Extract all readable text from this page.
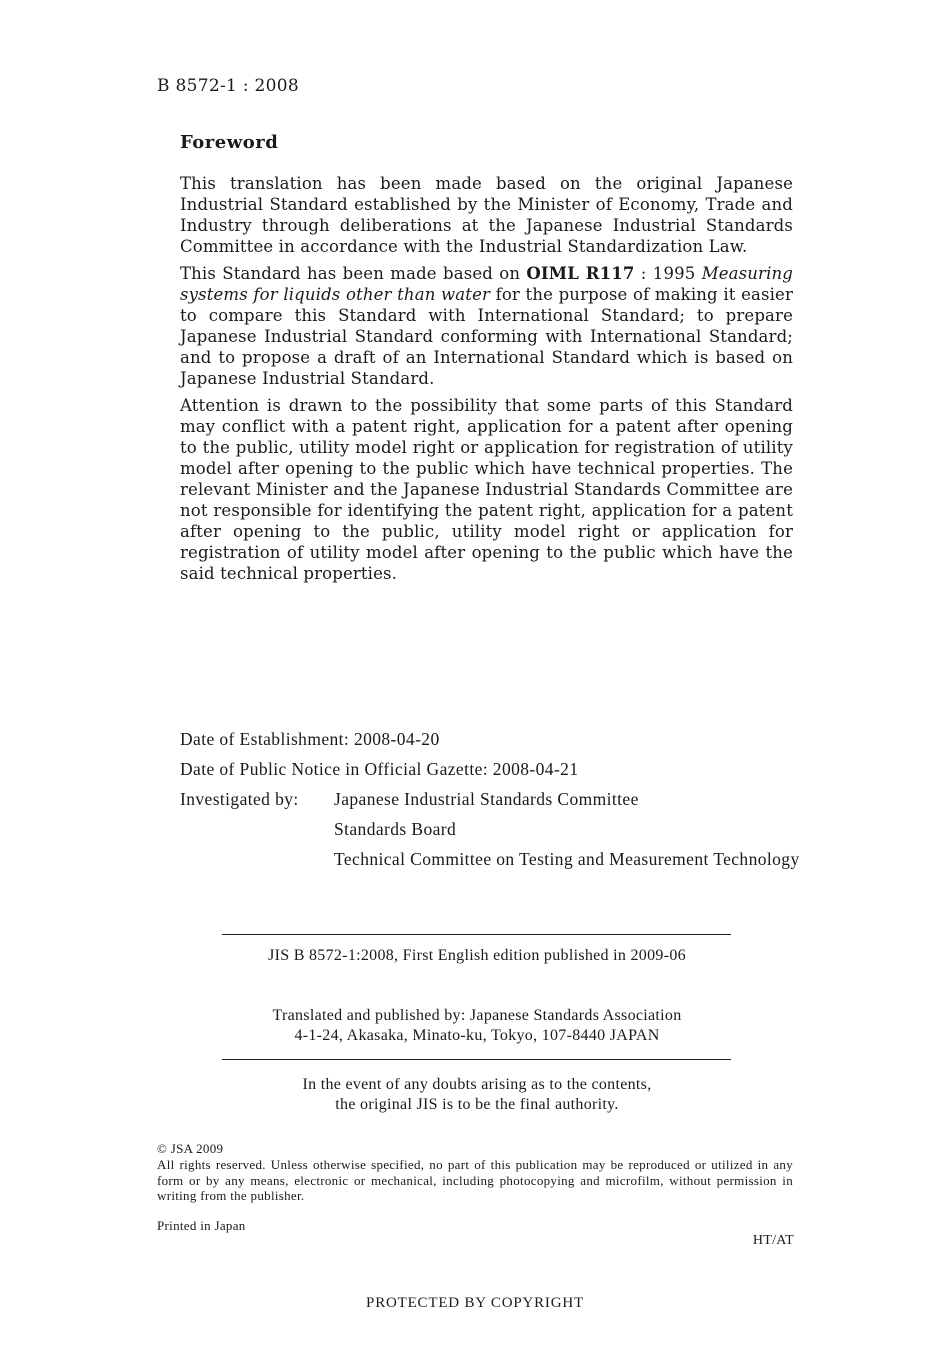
B 8572-1 : 2008
Foreword

This translation has been made based on the original Japanese Industrial Standard established by the Minister of Economy, Trade and Industry through deliberations at the Japanese Industrial Standards Committee in accordance with the Industrial Standardization Law.

This Standard has been made based on OIML R117 : 1995 Measuring systems for liquids other than water for the purpose of making it easier to compare this Standard with International Standard; to prepare Japanese Industrial Standard conforming with International Standard; and to propose a draft of an International Standard which is based on Japanese Industrial Standard.

Attention is drawn to the possibility that some parts of this Standard may conflict with a patent right, application for a patent after opening to the public, utility model right or application for registration of utility model after opening to the public which have technical properties. The relevant Minister and the Japanese Industrial Standards Committee are not responsible for identifying the patent right, application for a patent after opening to the public, utility model right or application for registration of utility model after opening to the public which have the said technical properties.

Date of Establishment: 2008-04-20
Date of Public Notice in Official Gazette: 2008-04-21
Investigated by: Japanese Industrial Standards Committee
Standards Board
Technical Committee on Testing and Measurement Technology
JIS B 8572-1:2008, First English edition published in 2009-06
Translated and published by: Japanese Standards Association
4-1-24, Akasaka, Minato-ku, Tokyo, 107-8440 JAPAN
In the event of any doubts arising as to the contents,
the original JIS is to be the final authority.
© JSA 2009
All rights reserved. Unless otherwise specified, no part of this publication may be reproduced or utilized in any form or by any means, electronic or mechanical, including photocopying and microfilm, without permission in writing from the publisher.
Printed in Japan
HT/AT
PROTECTED BY COPYRIGHT
